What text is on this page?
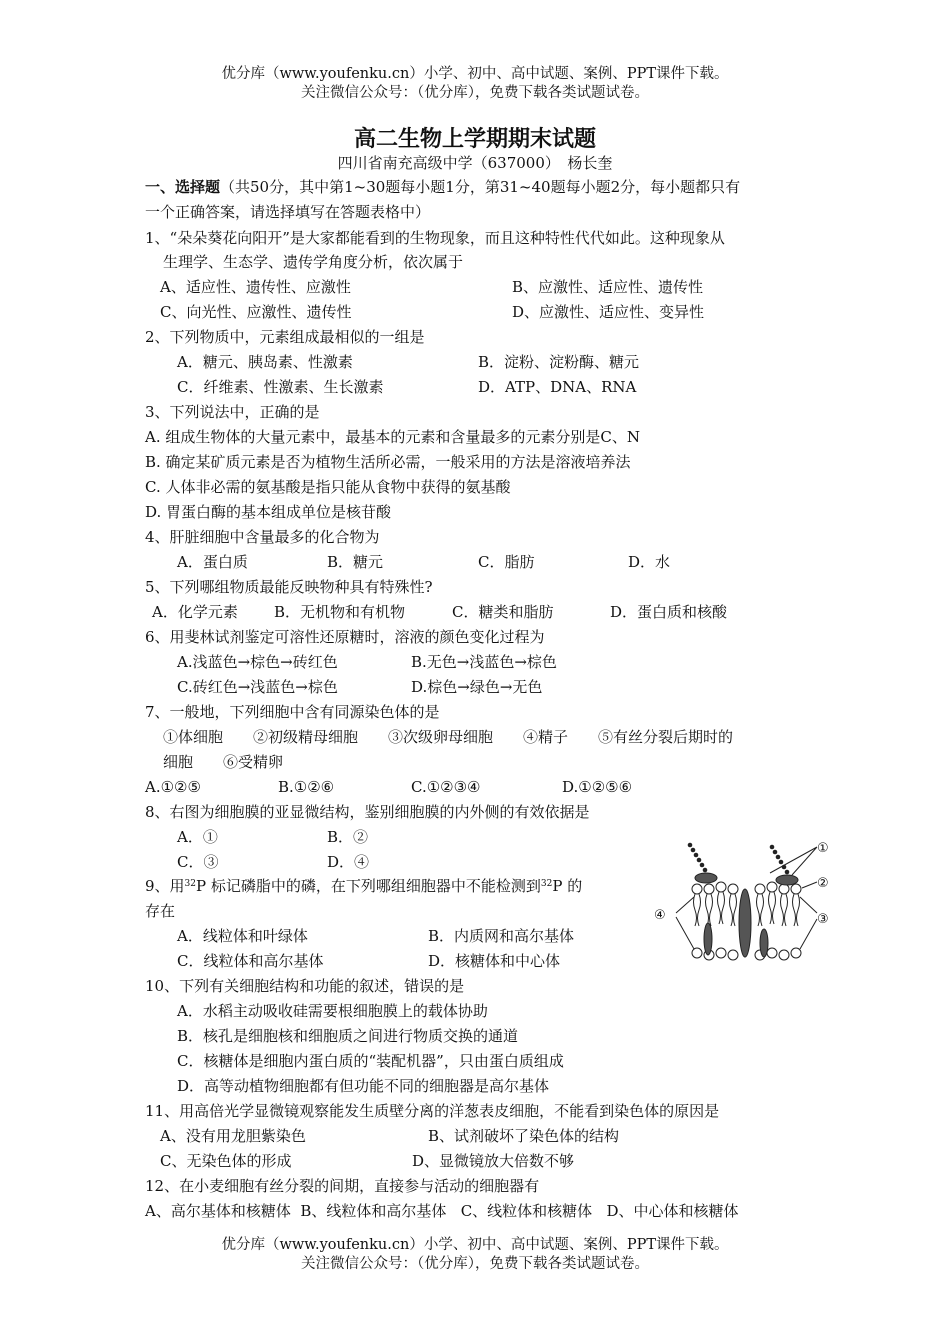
优分库（www.youfenku.cn）小学、初中、高中试题、案例、PPT课件下载。
关注微信公众号：（优分库），免费下载各类试题试卷。
高二生物上学期期末试题
四川省南充高级中学（637000）　杨长奎
一、选择题（共50分，其中第1~30题每小题1分，第31~40题每小题2分，每小题都只有
一个正确答案，请选择填写在答题表格中）
1、“朵朵葵花向阳开”是大家都能看到的生物现象，而且这种特性代代如此。这种现象从
生理学、生态学、遗传学角度分析，依次属于
A、适应性、遗传性、应激性	B、应激性、适应性、遗传性
C、向光性、应激性、遗传性	D、应激性、适应性、变异性
2、下列物质中，元素组成最相似的一组是
A．糖元、胰岛素、性激素	B．淀粉、淀粉酶、糖元
C．纤维素、性激素、生长激素	D．ATP、DNA、RNA
3、下列说法中，正确的是
A. 组成生物体的大量元素中，最基本的元素和含量最多的元素分别是C、N
B. 确定某矿质元素是否为植物生活所必需，一般采用的方法是溶液培养法
C. 人体非必需的氨基酸是指只能从食物中获得的氨基酸
D. 胃蛋白酶的基本组成单位是核苷酸
4、肝脏细胞中含量最多的化合物为
A．蛋白质	B．糖元	C．脂肪	D．水
5、下列哪组物质最能反映物种具有特殊性?
A．化学元素 B．无机物和有机物	C．糖类和脂肪	D．蛋白质和核酸
6、用斐林试剂鉴定可溶性还原糖时，溶液的颜色变化过程为
A.浅蓝色→棕色→砖红色	B.无色→浅蓝色→棕色
C.砖红色→浅蓝色→棕色	D.棕色→绿色→无色
7、一般地，下列细胞中含有同源染色体的是
①体细胞　　②初级精母细胞　　③次级卵母细胞　　④精子　　⑤有丝分裂后期时的
细胞　　⑥受精卵
A.①②⑤	B.①②⑥	C.①②③④	D.①②⑤⑥
8、右图为细胞膜的亚显微结构，鉴别细胞膜的内外侧的有效依据是
A．①	B．②
C．③	D．④
9、用$^{32}$P 标记磷脂中的磷，在下列哪组细胞器中不能检测到$^{32}$P 的
存在
A．线粒体和叶绿体	B．内质网和高尔基体
C．线粒体和高尔基体	D．核糖体和中心体
10、下列有关细胞结构和功能的叙述，错误的是
A．水稻主动吸收硅需要根细胞膜上的载体协助
B．核孔是细胞核和细胞质之间进行物质交换的通道
C．核糖体是细胞内蛋白质的“装配机器”，只由蛋白质组成
D．高等动植物细胞都有但功能不同的细胞器是高尔基体
11、用高倍光学显微镜观察能发生质壁分离的洋葱表皮细胞，不能看到染色体的原因是
A、没有用龙胆紫染色	B、试剂破坏了染色体的结构
C、无染色体的形成	D、显微镜放大倍数不够
12、在小麦细胞有丝分裂的间期，直接参与活动的细胞器有
A、高尔基体和核糖体  B、线粒体和高尔基体   C、线粒体和核糖体   D、中心体和核糖体
优分库（www.youfenku.cn）小学、初中、高中试题、案例、PPT课件下载。
关注微信公众号：（优分库），免费下载各类试题试卷。
①
②
③
④
